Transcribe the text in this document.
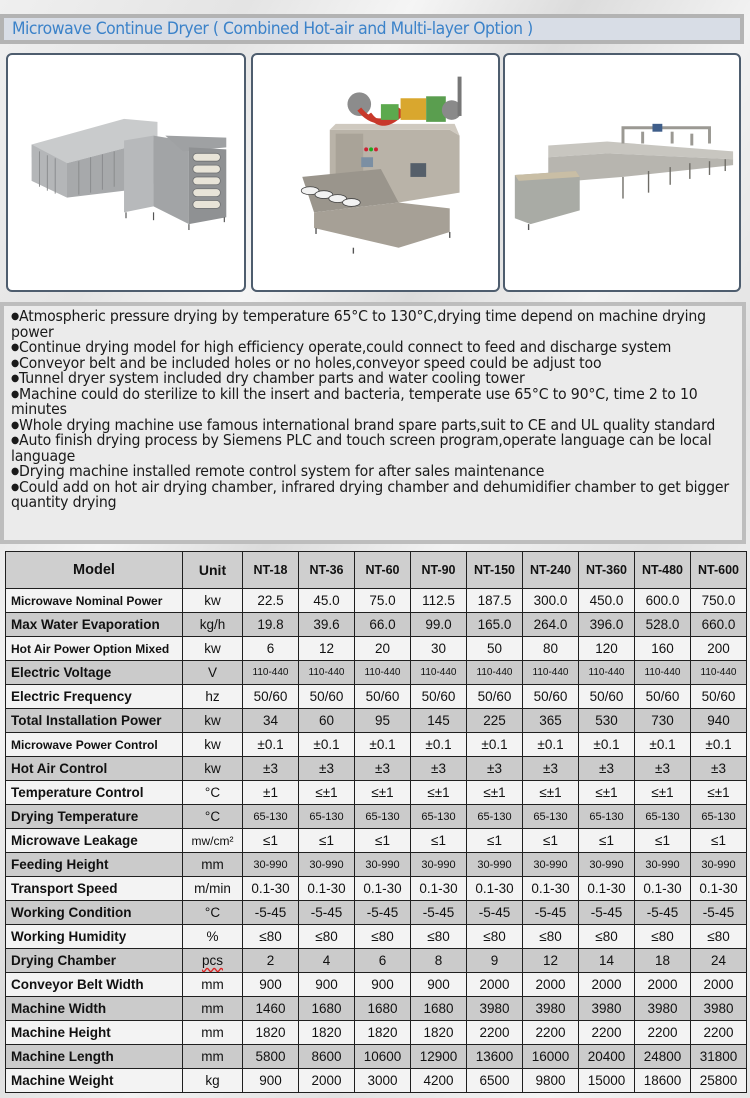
Microwave Continue Dryer ( Combined Hot-air and Multi-layer Option )
● Atmospheric pressure drying by temperature 65°C to 130°C,drying time depend on machine drying power
● Continue drying model for high efficiency operate,could connect to feed and discharge system
● Conveyor belt and be included holes or no holes,conveyor speed could be adjust too
● Tunnel dryer system included dry chamber parts and water cooling tower
● Machine could do sterilize to kill the insert and bacteria, temperate use 65°C to 90°C, time 2 to 10 minutes
● Whole drying machine use famous international brand spare parts,suit to CE and UL quality standard
● Auto finish drying process by Siemens PLC and touch screen program,operate language can be local language
● Drying machine installed remote control system for after sales maintenance
● Could add on hot air drying chamber, infrared drying chamber and dehumidifier chamber to get bigger quantity drying
Model	Unit	NT-18	NT-36	NT-60	NT-90	NT-150	NT-240	NT-360	NT-480	NT-600
Microwave Nominal Power	kw	22.5	45.0	75.0	112.5	187.5	300.0	450.0	600.0	750.0
Max Water Evaporation	kg/h	19.8	39.6	66.0	99.0	165.0	264.0	396.0	528.0	660.0
Hot Air Power Option Mixed	kw	6	12	20	30	50	80	120	160	200
Electric Voltage	V	110-440	110-440	110-440	110-440	110-440	110-440	110-440	110-440	110-440
Electric Frequency	hz	50/60	50/60	50/60	50/60	50/60	50/60	50/60	50/60	50/60
Total Installation Power	kw	34	60	95	145	225	365	530	730	940
Microwave Power Control	kw	±0.1	±0.1	±0.1	±0.1	±0.1	±0.1	±0.1	±0.1	±0.1
Hot Air Control	kw	±3	±3	±3	±3	±3	±3	±3	±3	±3
Temperature Control	°C	±1	≤±1	≤±1	≤±1	≤±1	≤±1	≤±1	≤±1	≤±1
Drying Temperature	°C	65-130	65-130	65-130	65-130	65-130	65-130	65-130	65-130	65-130
Microwave Leakage	mw/cm²	≤1	≤1	≤1	≤1	≤1	≤1	≤1	≤1	≤1
Feeding Height	mm	30-990	30-990	30-990	30-990	30-990	30-990	30-990	30-990	30-990
Transport Speed	m/min	0.1-30	0.1-30	0.1-30	0.1-30	0.1-30	0.1-30	0.1-30	0.1-30	0.1-30
Working Condition	°C	-5-45	-5-45	-5-45	-5-45	-5-45	-5-45	-5-45	-5-45	-5-45
Working Humidity	%	≤80	≤80	≤80	≤80	≤80	≤80	≤80	≤80	≤80
Drying Chamber	pcs	2	4	6	8	9	12	14	18	24
Conveyor Belt Width	mm	900	900	900	900	2000	2000	2000	2000	2000
Machine Width	mm	1460	1680	1680	1680	3980	3980	3980	3980	3980
Machine Height	mm	1820	1820	1820	1820	2200	2200	2200	2200	2200
Machine Length	mm	5800	8600	10600	12900	13600	16000	20400	24800	31800
Machine Weight	kg	900	2000	3000	4200	6500	9800	15000	18600	25800
